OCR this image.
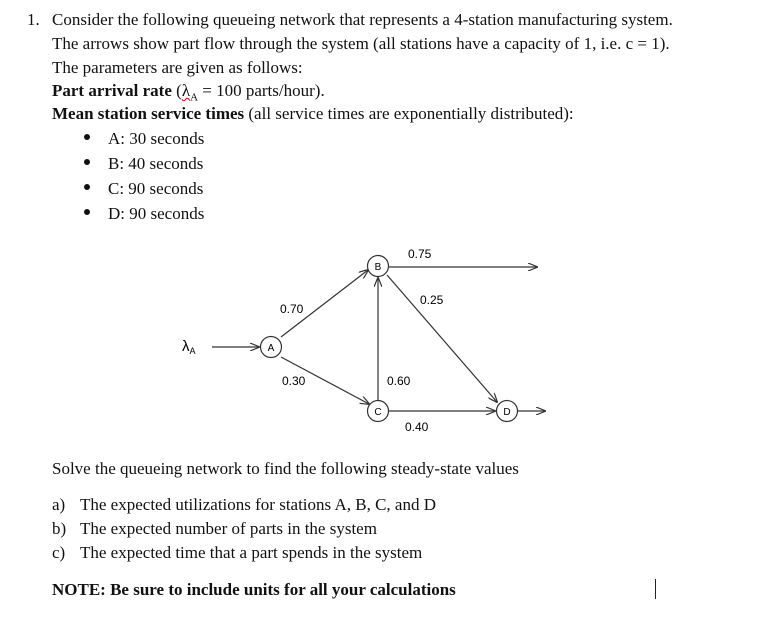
1. Consider the following queueing network that represents a 4-station manufacturing system.
The arrows show part flow through the system (all stations have a capacity of 1, i.e. c = 1).
The parameters are given as follows:
Part arrival rate ($\lambda_A = 100$ parts/hour).
Mean station service times (all service times are exponentially distributed):
A: 30 seconds
B: 40 seconds
C: 90 seconds
D: 90 seconds
$\lambda_A$	A
B
C	D
0.70
0.30
0.75
0.25
0.60
0.40
Solve the queueing network to find the following steady-state values
a) The expected utilizations for stations A, B, C, and D
b) The expected number of parts in the system
c) The expected time that a part spends in the system
NOTE: Be sure to include units for all your calculations
